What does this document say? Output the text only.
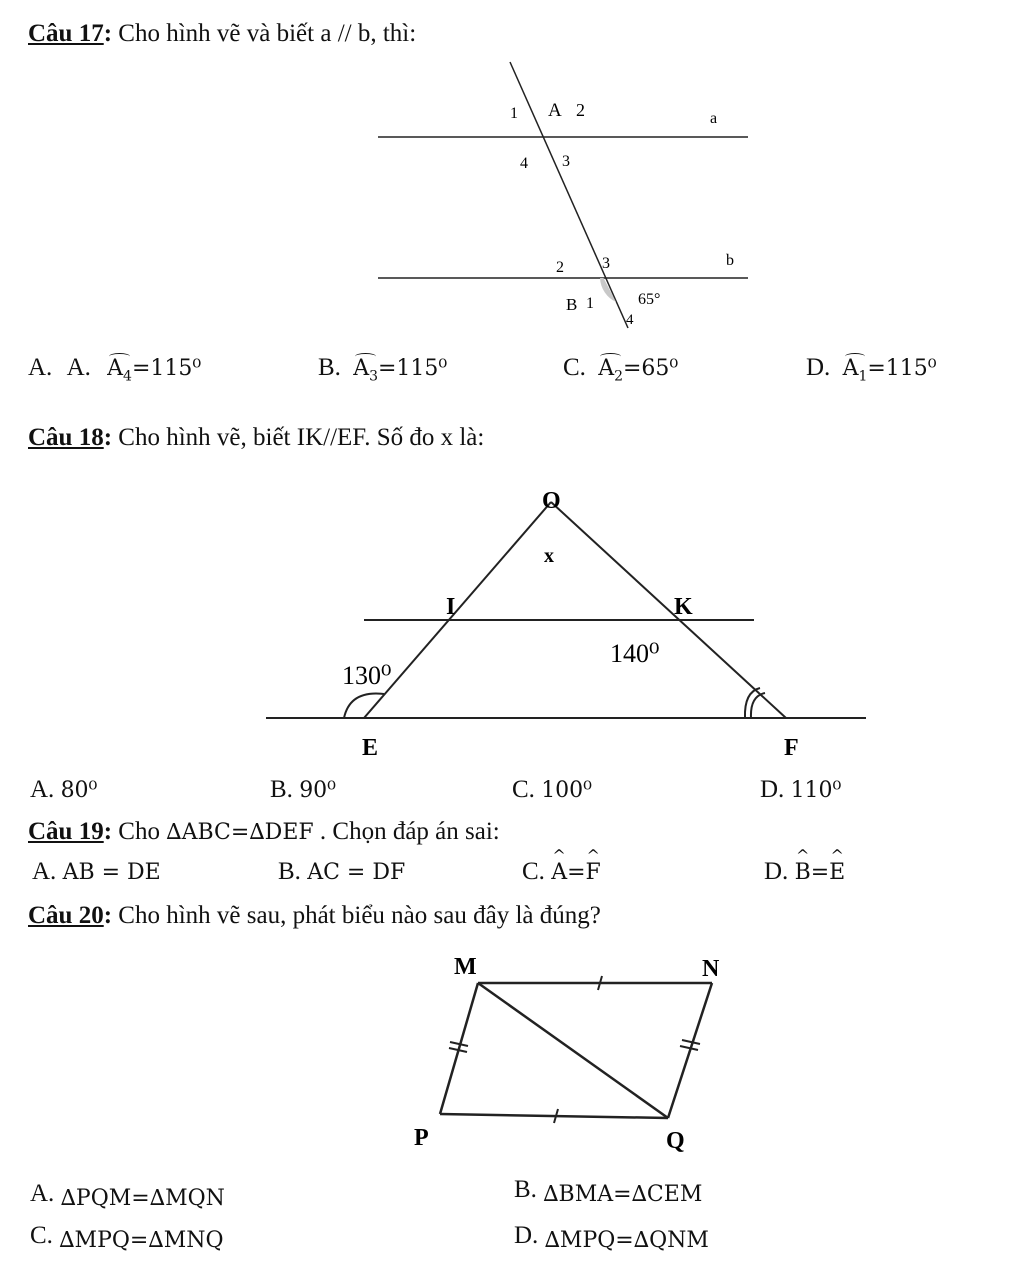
Câu 17: Cho hình vẽ và biết a // b, thì:
a
b
1 A 2
4 3
2 3
B 1
4
65°
A. A. $A_4=115^0$	B. $A_3=115^0$	C. $A_2=65^0$	D. $A_1=115^0$
Câu 18: Cho hình vẽ, biết IK//EF. Số đo x là:
O
x
I	K
130⁰
140⁰
E	F
A. 80⁰	B. 90⁰	C. 100⁰	D. 110⁰
Câu 19: Cho ∆ABC=∆DEF . Chọn đáp án sai:
A. AB = DE	B. AC = DF	C. ^ A=^ F	D. ^ B=^ E
Câu 20: Cho hình vẽ sau, phát biểu nào sau đây là đúng?
M	N
P	Q
A. ∆PQM=∆MQN	B. ∆BMA=∆CEM
C. ∆MPQ=∆MNQ	D. ∆MPQ=∆QNM
